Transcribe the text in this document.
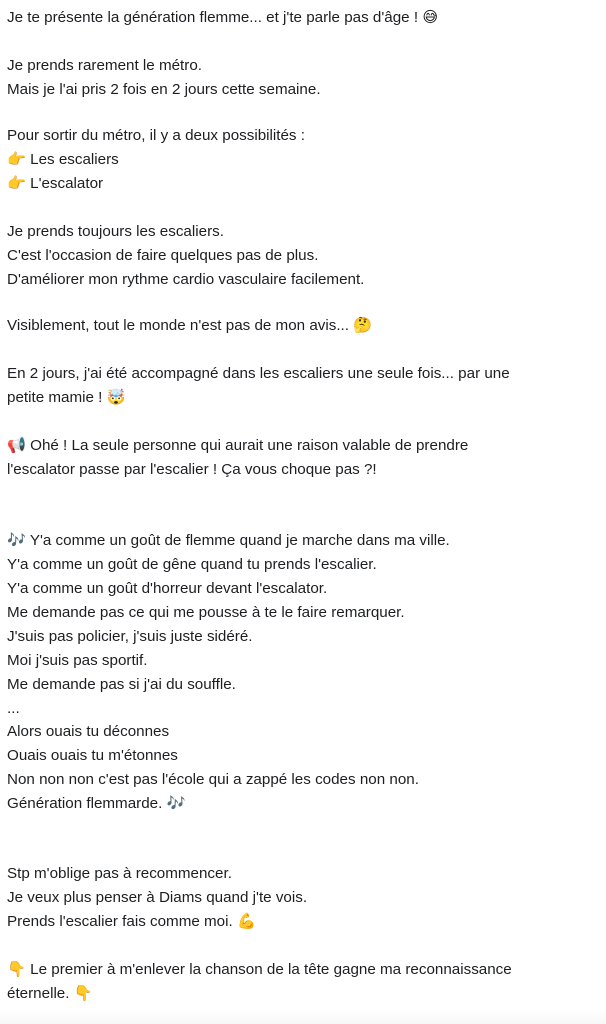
Je te présente la génération flemme... et j'te parle pas d'âge ! 😅
Je prends rarement le métro.
Mais je l'ai pris 2 fois en 2 jours cette semaine.
Pour sortir du métro, il y a deux possibilités :
👉 Les escaliers
👉 L'escalator
Je prends toujours les escaliers.
C'est l'occasion de faire quelques pas de plus.
D'améliorer mon rythme cardio vasculaire facilement.
Visiblement, tout le monde n'est pas de mon avis... 🤔
En 2 jours, j'ai été accompagné dans les escaliers une seule fois... par une
petite mamie ! 🤯
📢 Ohé ! La seule personne qui aurait une raison valable de prendre
l'escalator passe par l'escalier ! Ça vous choque pas ?!
🎶 Y'a comme un goût de flemme quand je marche dans ma ville.
Y'a comme un goût de gêne quand tu prends l'escalier.
Y'a comme un goût d'horreur devant l'escalator.
Me demande pas ce qui me pousse à te le faire remarquer.
J'suis pas policier, j'suis juste sidéré.
Moi j'suis pas sportif.
Me demande pas si j'ai du souffle.
...
Alors ouais tu déconnes
Ouais ouais tu m'étonnes
Non non non c'est pas l'école qui a zappé les codes non non.
Génération flemmarde. 🎶
Stp m'oblige pas à recommencer.
Je veux plus penser à Diams quand j'te vois.
Prends l'escalier fais comme moi. 💪
👇 Le premier à m'enlever la chanson de la tête gagne ma reconnaissance
éternelle. 👇
